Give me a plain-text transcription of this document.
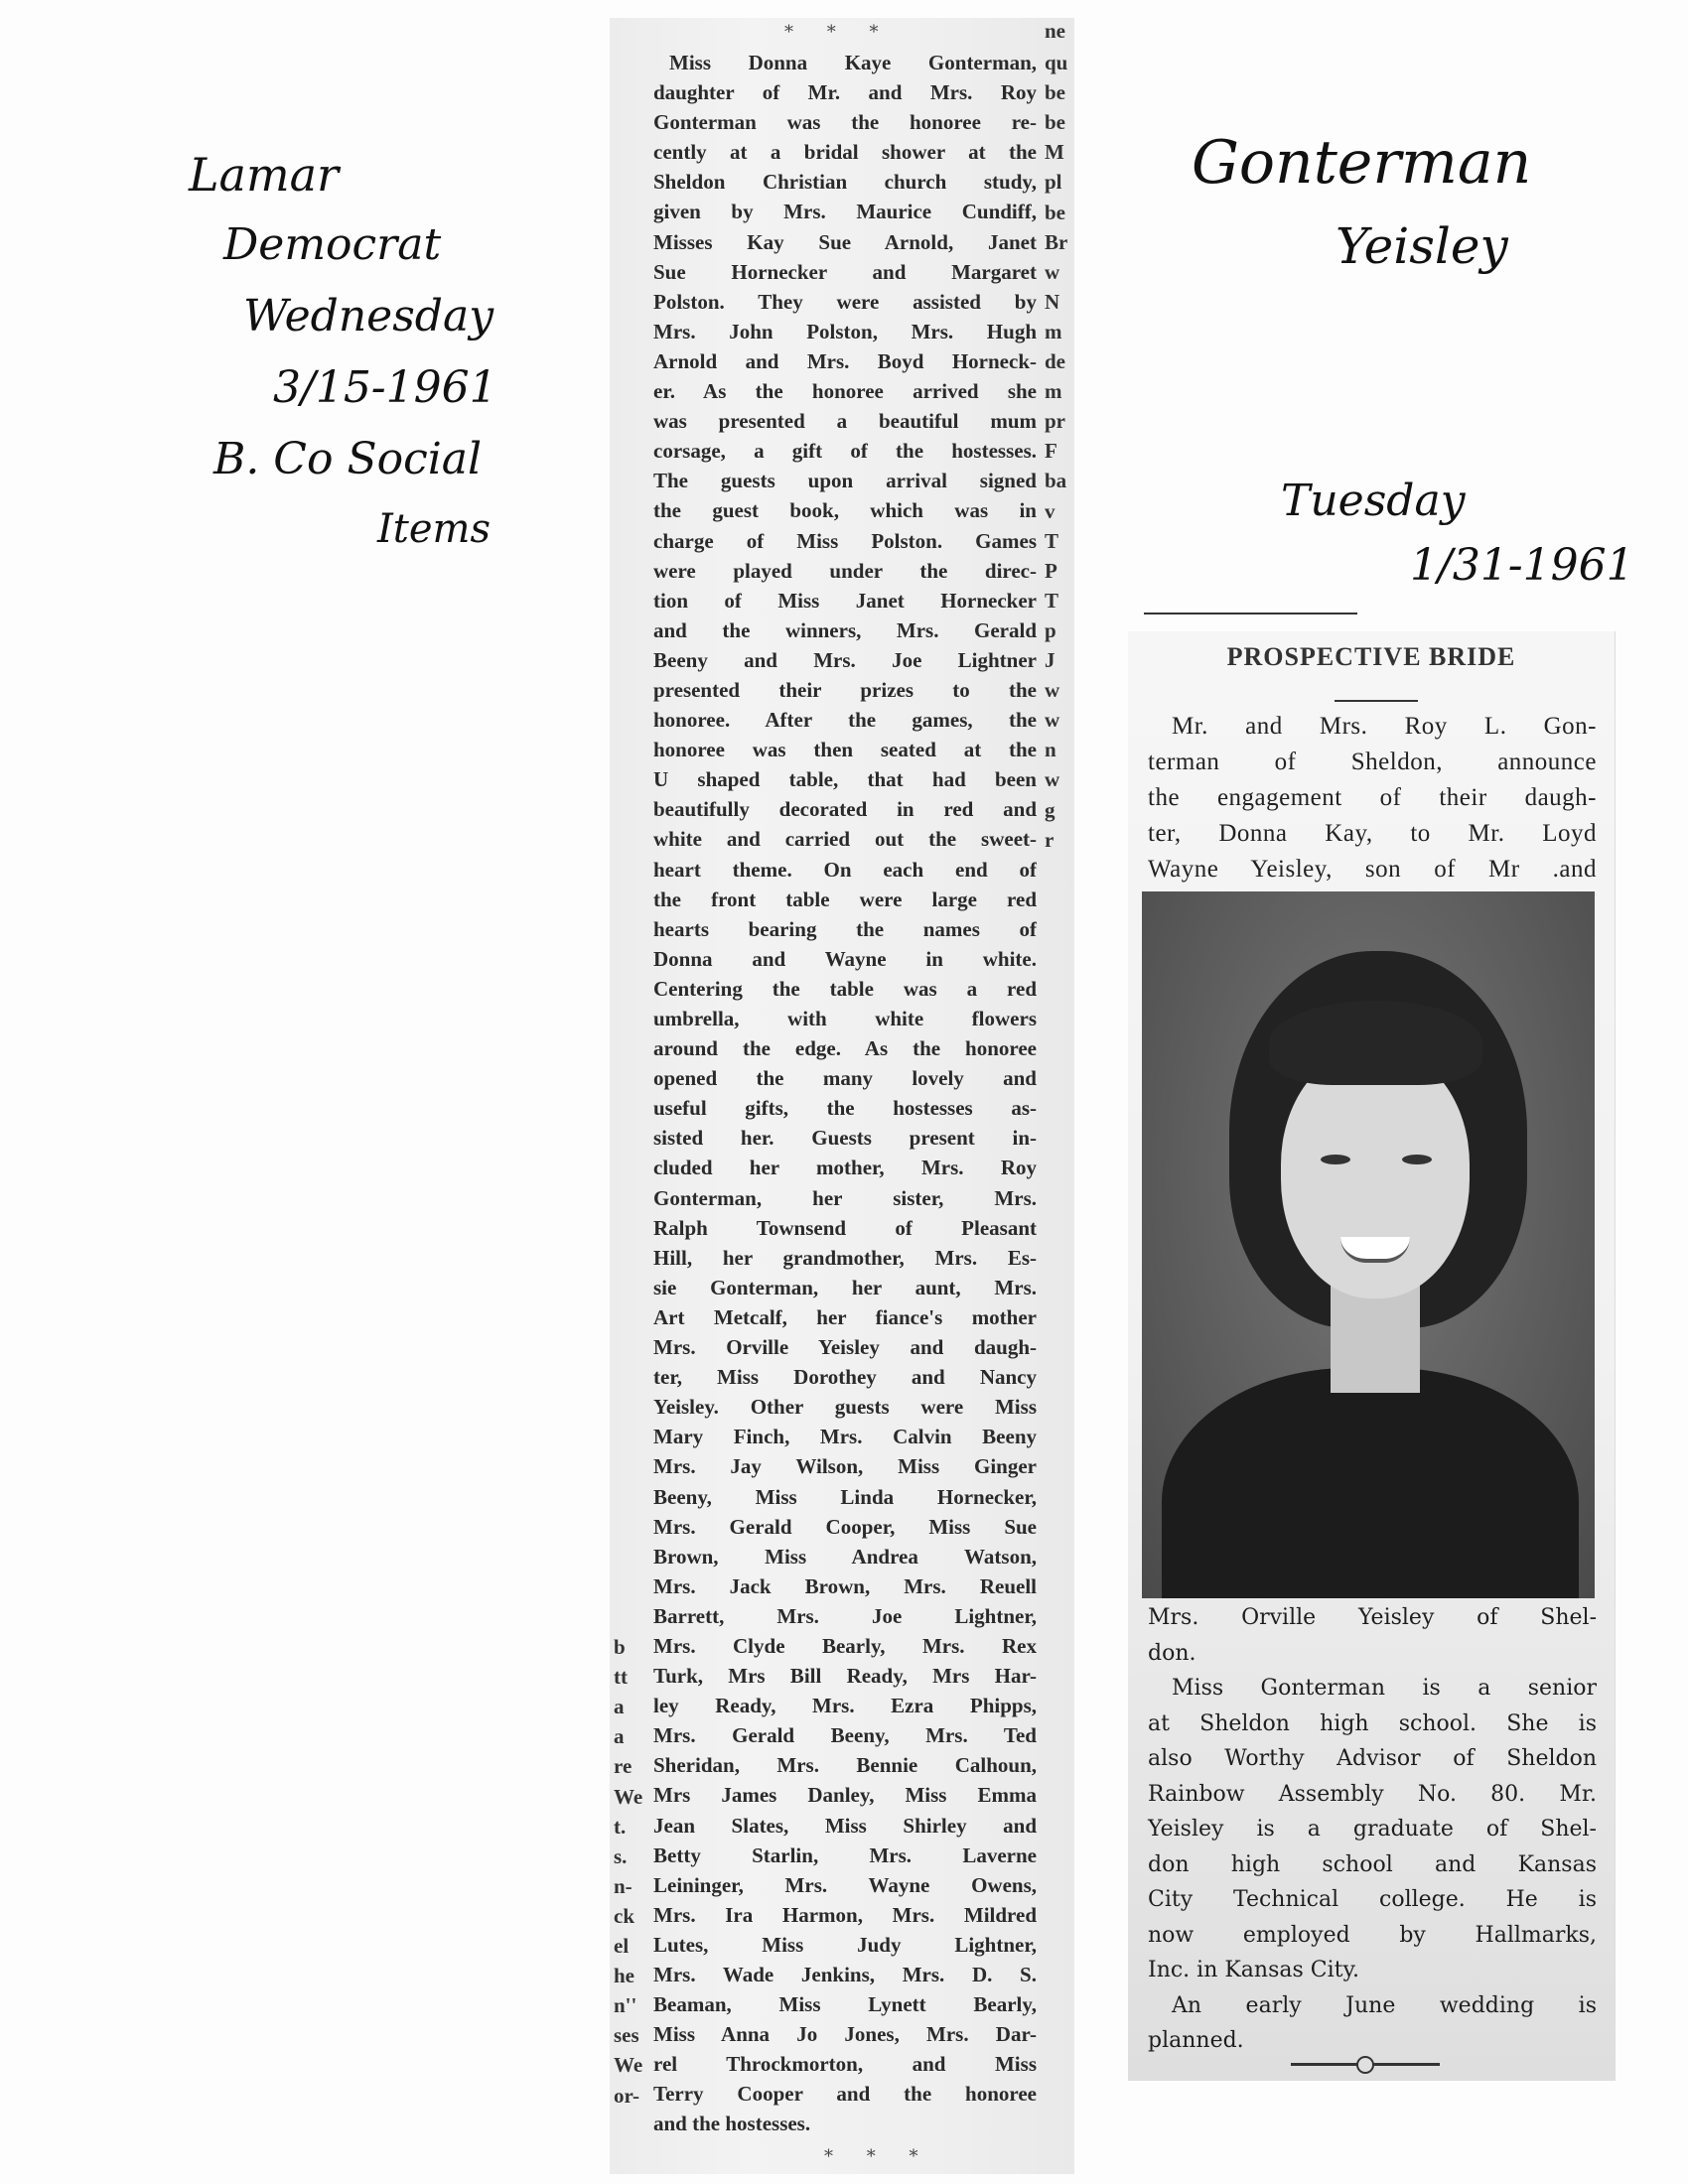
Lamar
Democrat
Wednesday
3/15-1961
B. Co Social
Items
Gonterman
Yeisley
Tuesday
1/31-1961
* * *	ne
Miss Donna Kaye Gonterman,
daughter of Mr. and Mrs. Roy
Gonterman was the honoree re-
cently at a bridal shower at the
Sheldon Christian church study,
given by Mrs. Maurice Cundiff,
Misses Kay Sue Arnold, Janet
Sue Hornecker and Margaret
Polston. They were assisted by
Mrs. John Polston, Mrs. Hugh
Arnold and Mrs. Boyd Horneck-
er. As the honoree arrived she
was presented a beautiful mum
corsage, a gift of the hostesses.
The guests upon arrival signed
the guest book, which was in
charge of Miss Polston. Games
were played under the direc-
tion of Miss Janet Hornecker
and the winners, Mrs. Gerald
Beeny and Mrs. Joe Lightner
presented their prizes to the
honoree. After the games, the
honoree was then seated at the
U shaped table, that had been
beautifully decorated in red and
white and carried out the sweet-
heart theme. On each end of
the front table were large red
hearts bearing the names of
Donna and Wayne in white.
Centering the table was a red
umbrella, with white flowers
around the edge. As the honoree
opened the many lovely and
useful gifts, the hostesses as-
sisted her. Guests present in-
cluded her mother, Mrs. Roy
Gonterman, her sister, Mrs.
Ralph Townsend of Pleasant
Hill, her grandmother, Mrs. Es-
sie Gonterman, her aunt, Mrs.
Art Metcalf, her fiance's mother
Mrs. Orville Yeisley and daugh-
ter, Miss Dorothey and Nancy
Yeisley. Other guests were Miss
Mary Finch, Mrs. Calvin Beeny
Mrs. Jay Wilson, Miss Ginger
Beeny, Miss Linda Hornecker,
Mrs. Gerald Cooper, Miss Sue
Brown, Miss Andrea Watson,
Mrs. Jack Brown, Mrs. Reuell
Barrett, Mrs. Joe Lightner,
Mrs. Clyde Bearly, Mrs. Rex
Turk, Mrs Bill Ready, Mrs Har-
ley Ready, Mrs. Ezra Phipps,
Mrs. Gerald Beeny, Mrs. Ted
Sheridan, Mrs. Bennie Calhoun,
Mrs James Danley, Miss Emma
Jean Slates, Miss Shirley and
Betty Starlin, Mrs. Laverne
Leininger, Mrs. Wayne Owens,
Mrs. Ira Harmon, Mrs. Mildred
Lutes, Miss Judy Lightner,
Mrs. Wade Jenkins, Mrs. D. S.
Beaman, Miss Lynett Bearly,
Miss Anna Jo Jones, Mrs. Dar-
rel Throckmorton, and Miss
Terry Cooper and the honoree
and the hostesses.
qu
be
be
M
pl
be
Br
w
N
m
de
m
pr
F
ba
v
T
P
T
p
J
w
w
n
w
g
r
b
tt
a
a
re
We
t.
s.
n-
ck
el
he
n''
ses
We
or-
* * *
PROSPECTIVE BRIDE
Mr. and Mrs. Roy L. Gon-
terman of Sheldon, announce
the engagement of their daugh-
ter, Donna Kay, to Mr. Loyd
Wayne Yeisley, son of Mr .and
Mrs. Orville Yeisley of Shel-
don.
Miss Gonterman is a senior
at Sheldon high school. She is
also Worthy Advisor of Sheldon
Rainbow Assembly No. 80. Mr.
Yeisley is a graduate of Shel-
don high school and Kansas
City Technical college. He is
now employed by Hallmarks,
Inc. in Kansas City.
An early June wedding is
planned.
